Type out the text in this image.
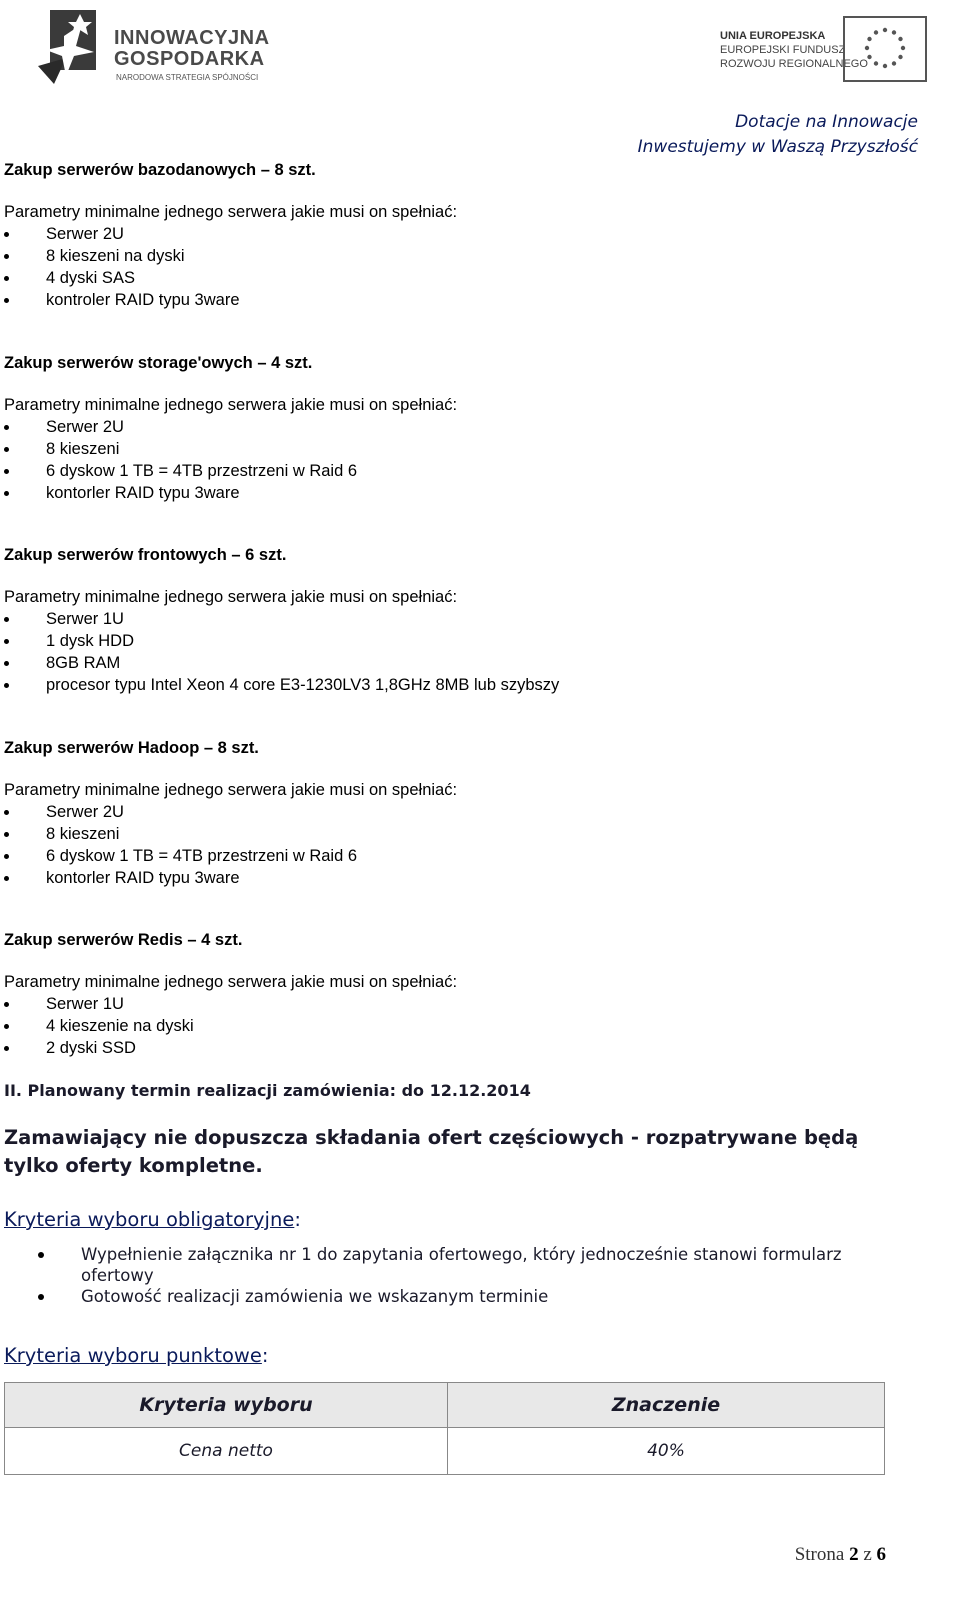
INNOWACYJNA
GOSPODARKA
NARODOWA STRATEGIA SPÓJNOŚCI
UNIA EUROPEJSKA
EUROPEJSKI FUNDUSZ
ROZWOJU REGIONALNEGO
Dotacje na Innowacje
Inwestujemy w Waszą Przyszłość
Zakup serwerów bazodanowych – 8 szt.
Parametry minimalne jednego serwera jakie musi on spełniać:
Serwer 2U
8 kieszeni na dyski
4 dyski SAS
kontroler RAID typu 3ware
Zakup serwerów storage'owych – 4 szt.
Parametry minimalne jednego serwera jakie musi on spełniać:
Serwer 2U
8 kieszeni
6 dyskow 1 TB = 4TB przestrzeni w Raid 6
kontorler RAID typu 3ware
Zakup serwerów frontowych – 6 szt.
Parametry minimalne jednego serwera jakie musi on spełniać:
Serwer 1U
1 dysk HDD
8GB RAM
procesor typu Intel Xeon 4 core E3-1230LV3 1,8GHz 8MB lub szybszy
Zakup serwerów Hadoop – 8 szt.
Parametry minimalne jednego serwera jakie musi on spełniać:
Serwer 2U
8 kieszeni
6 dyskow 1 TB = 4TB przestrzeni w Raid 6
kontorler RAID typu 3ware
Zakup serwerów Redis – 4 szt.
Parametry minimalne jednego serwera jakie musi on spełniać:
Serwer 1U
4 kieszenie na dyski
2 dyski SSD
II. Planowany termin realizacji zamówienia: do 12.12.2014
Zamawiający nie dopuszcza składania ofert częściowych - rozpatrywane będą tylko oferty kompletne.
Kryteria wyboru obligatoryjne:
Wypełnienie załącznika nr 1 do zapytania ofertowego, który jednocześnie stanowi formularz ofertowy
Gotowość realizacji zamówienia we wskazanym terminie
Kryteria wyboru punktowe:
Kryteria wyboru	Znaczenie
Cena netto	40%
Strona 2 z 6
